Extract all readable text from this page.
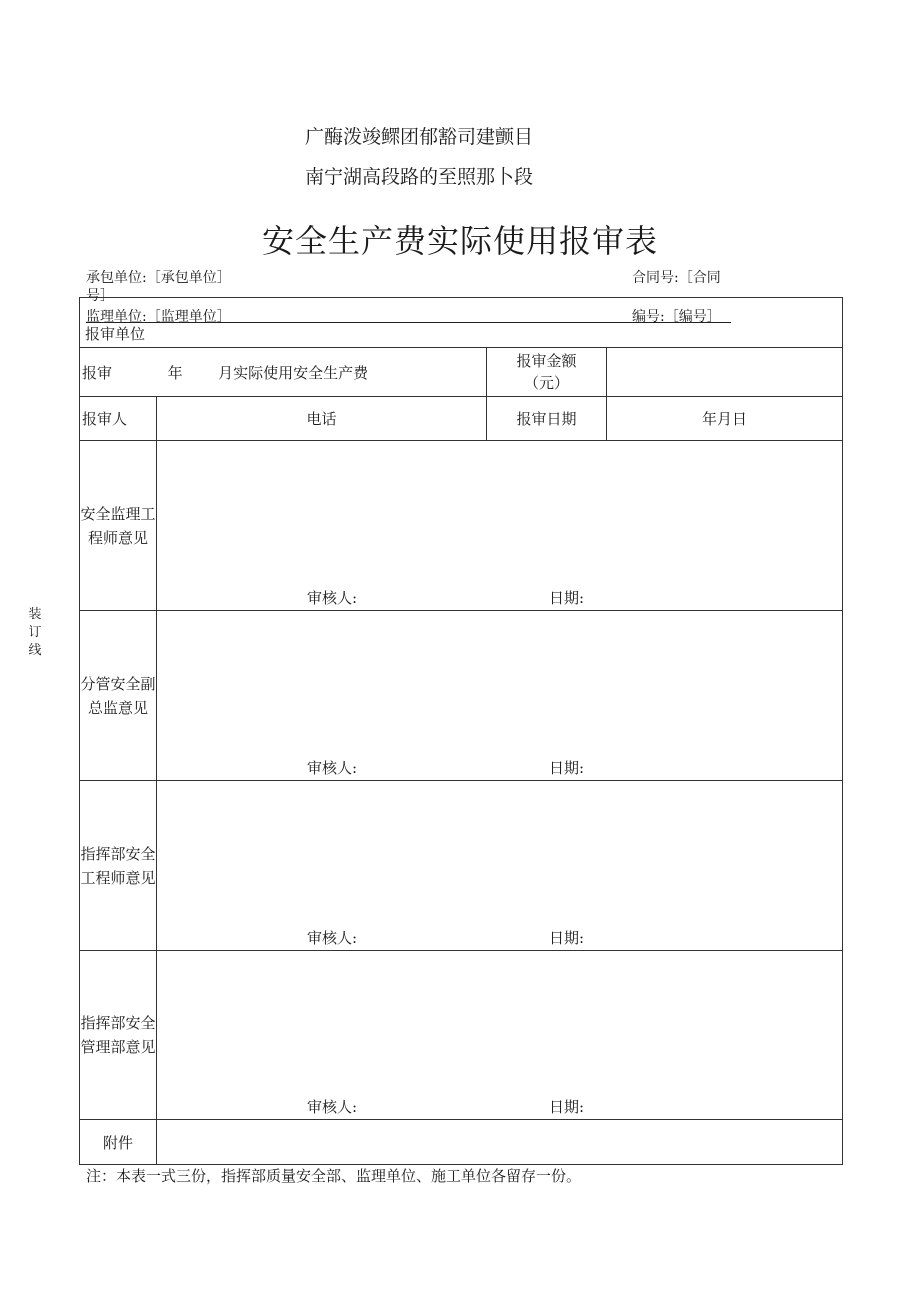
广酶泼竣鳏团郁豁司建颤目
南宁湖高段路的至照那卜段
安全生产费实际使用报审表
承包单位:［承包单位］	合同号:［合同
号］
监理单位:［监理单位］	编号:［编号］
装订线
报审单位			
报审 年 月实际使用安全生产费		报审金额
（元）	

报审人	电话	报审日期	年月日
安全监理工程师意见	审核人: 日期:		

分管安全副总监意见	审核人: 日期:		

指挥部安全工程师意见	审核人: 日期:		

指挥部安全管理部意见	审核人: 日期:		

附件			
注：本表一式三份，指挥部质量安全部、监理单位、施工单位各留存一份。
